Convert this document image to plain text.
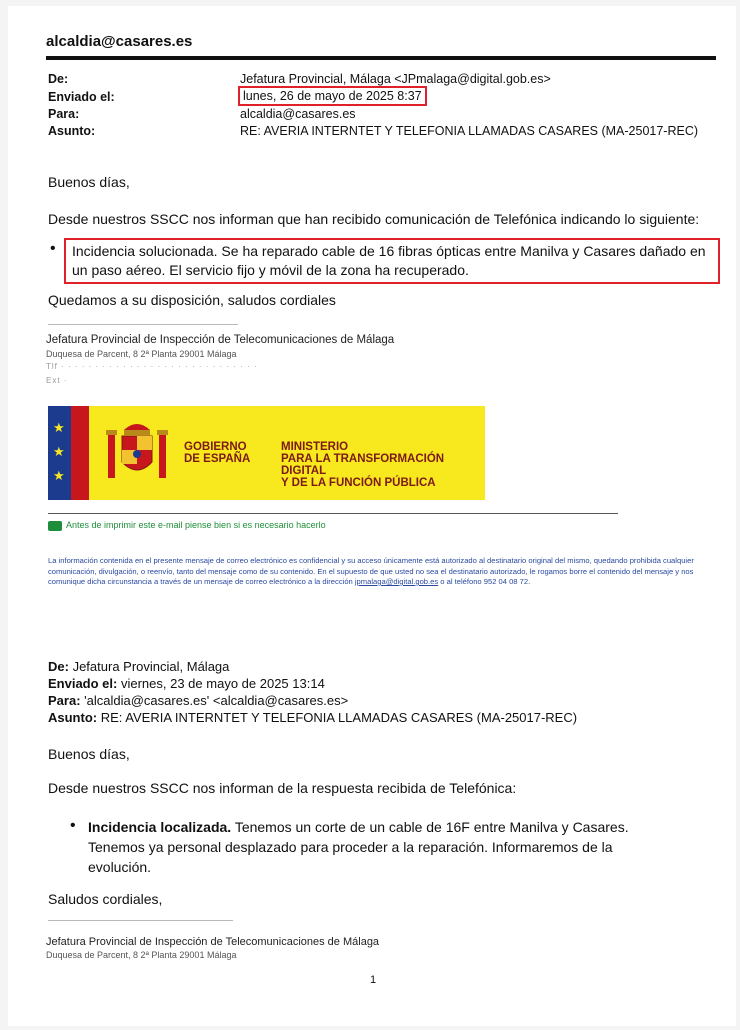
alcaldia@casares.es
De:	Jefatura Provincial, Málaga <JPmalaga@digital.gob.es>
Enviado el:	lunes, 26 de mayo de 2025 8:37
Para:	alcaldia@casares.es
Asunto:	RE: AVERIA INTERNTET Y TELEFONIA LLAMADAS CASARES (MA-25017-REC)
Buenos días,
Desde nuestros SSCC nos informan que han recibido comunicación de Telefónica indicando lo siguiente:
•	Incidencia solucionada. Se ha reparado cable de 16 fibras ópticas entre Manilva y Casares dañado en un paso aéreo. El servicio fijo y móvil de la zona ha recuperado.
Quedamos a su disposición, saludos cordiales
Jefatura Provincial de Inspección de Telecomunicaciones de Málaga
Duquesa de Parcent, 8 2ª Planta 29001 Málaga
Tlf · · · · · · · · · · · · · · · · · · · · · · · · · · · · ·
Ext ·
★
★
★
GOBIERNO
DE ESPAÑA
MINISTERIO
PARA LA TRANSFORMACIÓN DIGITAL
Y DE LA FUNCIÓN PÚBLICA
Antes de imprimir este e-mail piense bien si es necesario hacerlo
La información contenida en el presente mensaje de correo electrónico es confidencial y su acceso únicamente está autorizado al destinatario original del mismo, quedando prohibida cualquier comunicación, divulgación, o reenvío, tanto del mensaje como de su contenido. En el supuesto de que usted no sea el destinatario autorizado, le rogamos borre el contenido del mensaje y nos comunique dicha circunstancia a través de un mensaje de correo electrónico a la dirección jpmalaga@digital.gob.es o al teléfono 952 04 08 72.
De: Jefatura Provincial, Málaga
Enviado el: viernes, 23 de mayo de 2025 13:14
Para: 'alcaldia@casares.es' <alcaldia@casares.es>
Asunto: RE: AVERIA INTERNTET Y TELEFONIA LLAMADAS CASARES (MA-25017-REC)
Buenos días,
Desde nuestros SSCC nos informan de la respuesta recibida de Telefónica:
• Incidencia localizada. Tenemos un corte de un cable de 16F entre Manilva y Casares. Tenemos ya personal desplazado para proceder a la reparación. Informaremos de la evolución.
Saludos cordiales,
Jefatura Provincial de Inspección de Telecomunicaciones de Málaga
Duquesa de Parcent, 8 2ª Planta 29001 Málaga
1
